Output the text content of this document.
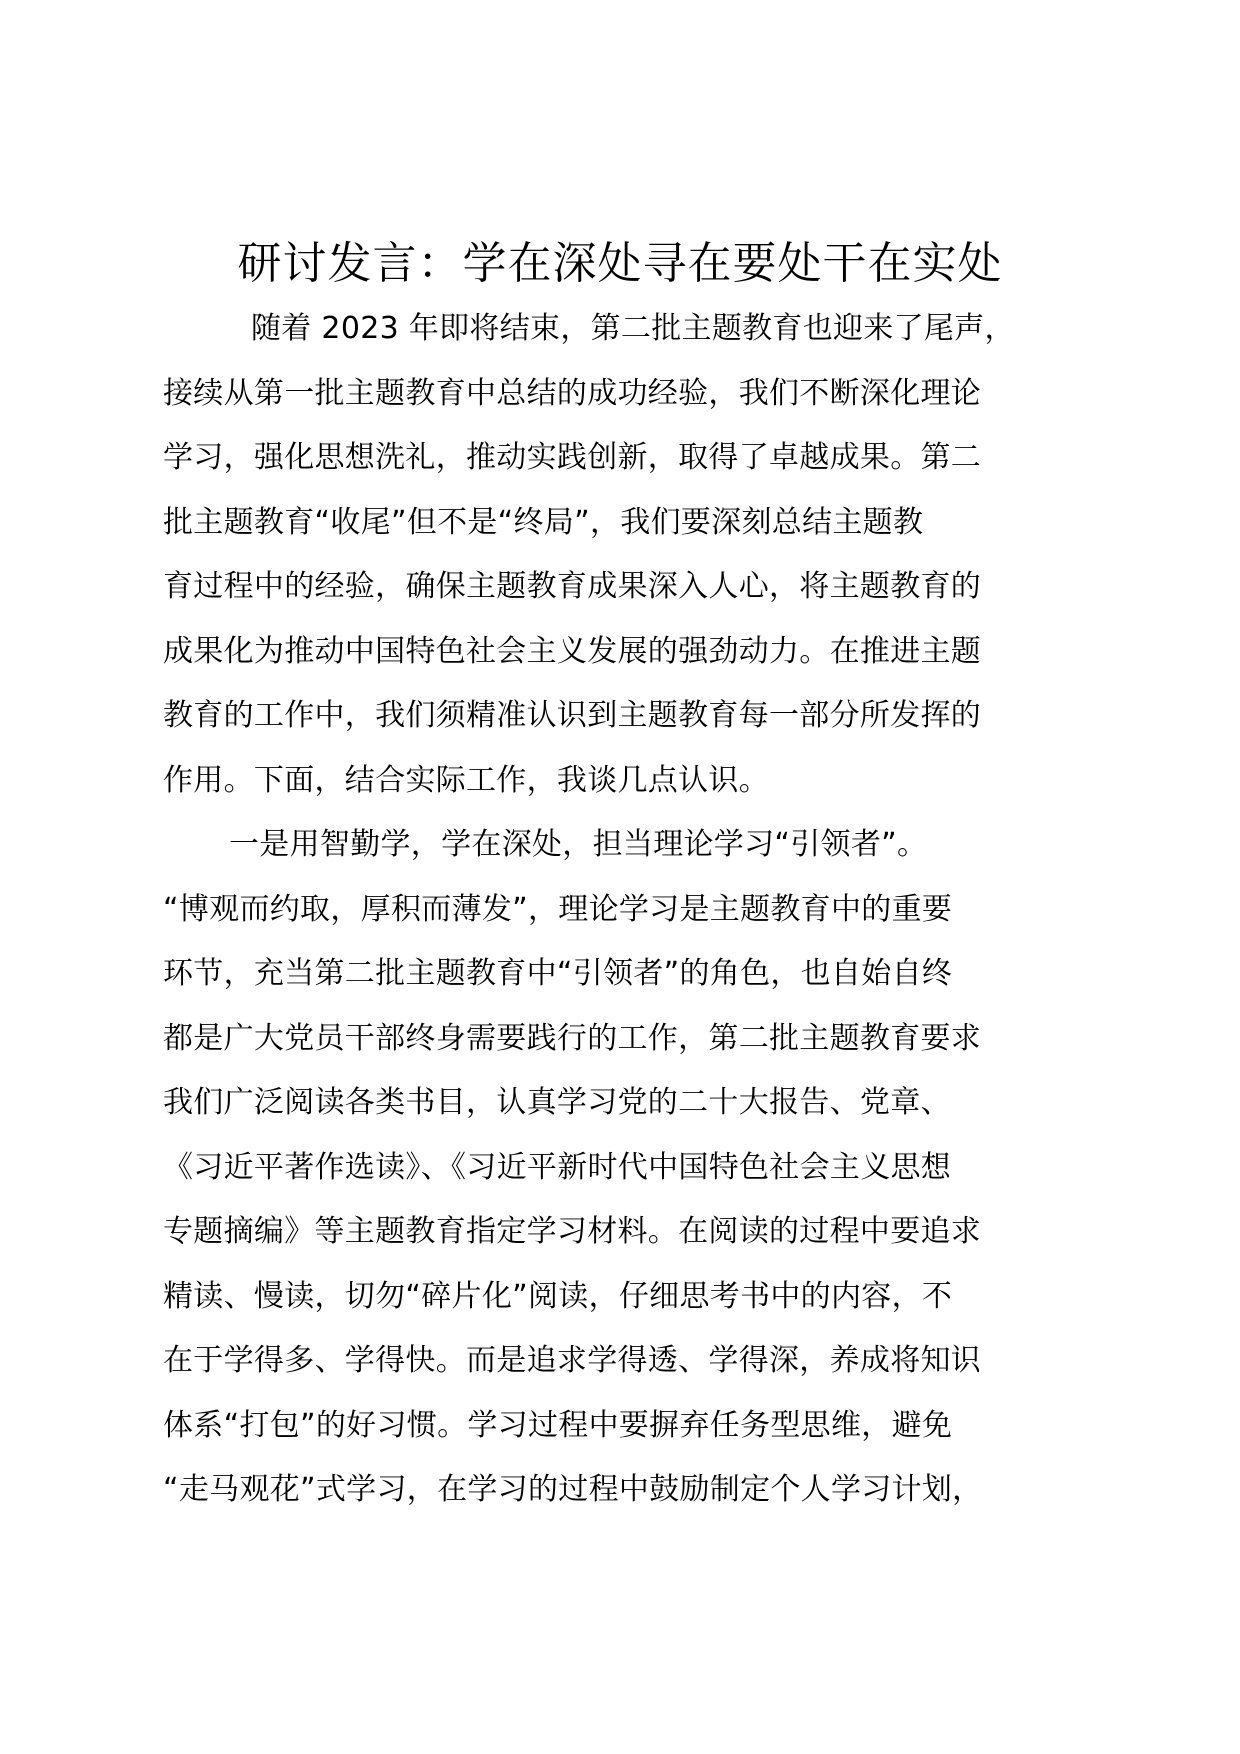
研讨发言：学在深处寻在要处干在实处
随着 2023 年即将结束，第二批主题教育也迎来了尾声，
接续从第一批主题教育中总结的成功经验，我们不断深化理论
学习，强化思想洗礼，推动实践创新，取得了卓越成果。第二
批主题教育“收尾”但不是“终局”，我们要深刻总结主题教
育过程中的经验，确保主题教育成果深入人心，将主题教育的
成果化为推动中国特色社会主义发展的强劲动力。在推进主题
教育的工作中，我们须精准认识到主题教育每一部分所发挥的
作用。下面，结合实际工作，我谈几点认识。
一是用智勤学，学在深处，担当理论学习“引领者”。
“博观而约取，厚积而薄发”，理论学习是主题教育中的重要
环节，充当第二批主题教育中“引领者”的角色，也自始自终
都是广大党员干部终身需要践行的工作，第二批主题教育要求
我们广泛阅读各类书目，认真学习党的二十大报告、党章、
《习近平著作选读》、《习近平新时代中国特色社会主义思想
专题摘编》等主题教育指定学习材料。在阅读的过程中要追求
精读、慢读，切勿“碎片化”阅读，仔细思考书中的内容，不
在于学得多、学得快。而是追求学得透、学得深，养成将知识
体系“打包”的好习惯。学习过程中要摒弃任务型思维，避免
“走马观花”式学习，在学习的过程中鼓励制定个人学习计划，
